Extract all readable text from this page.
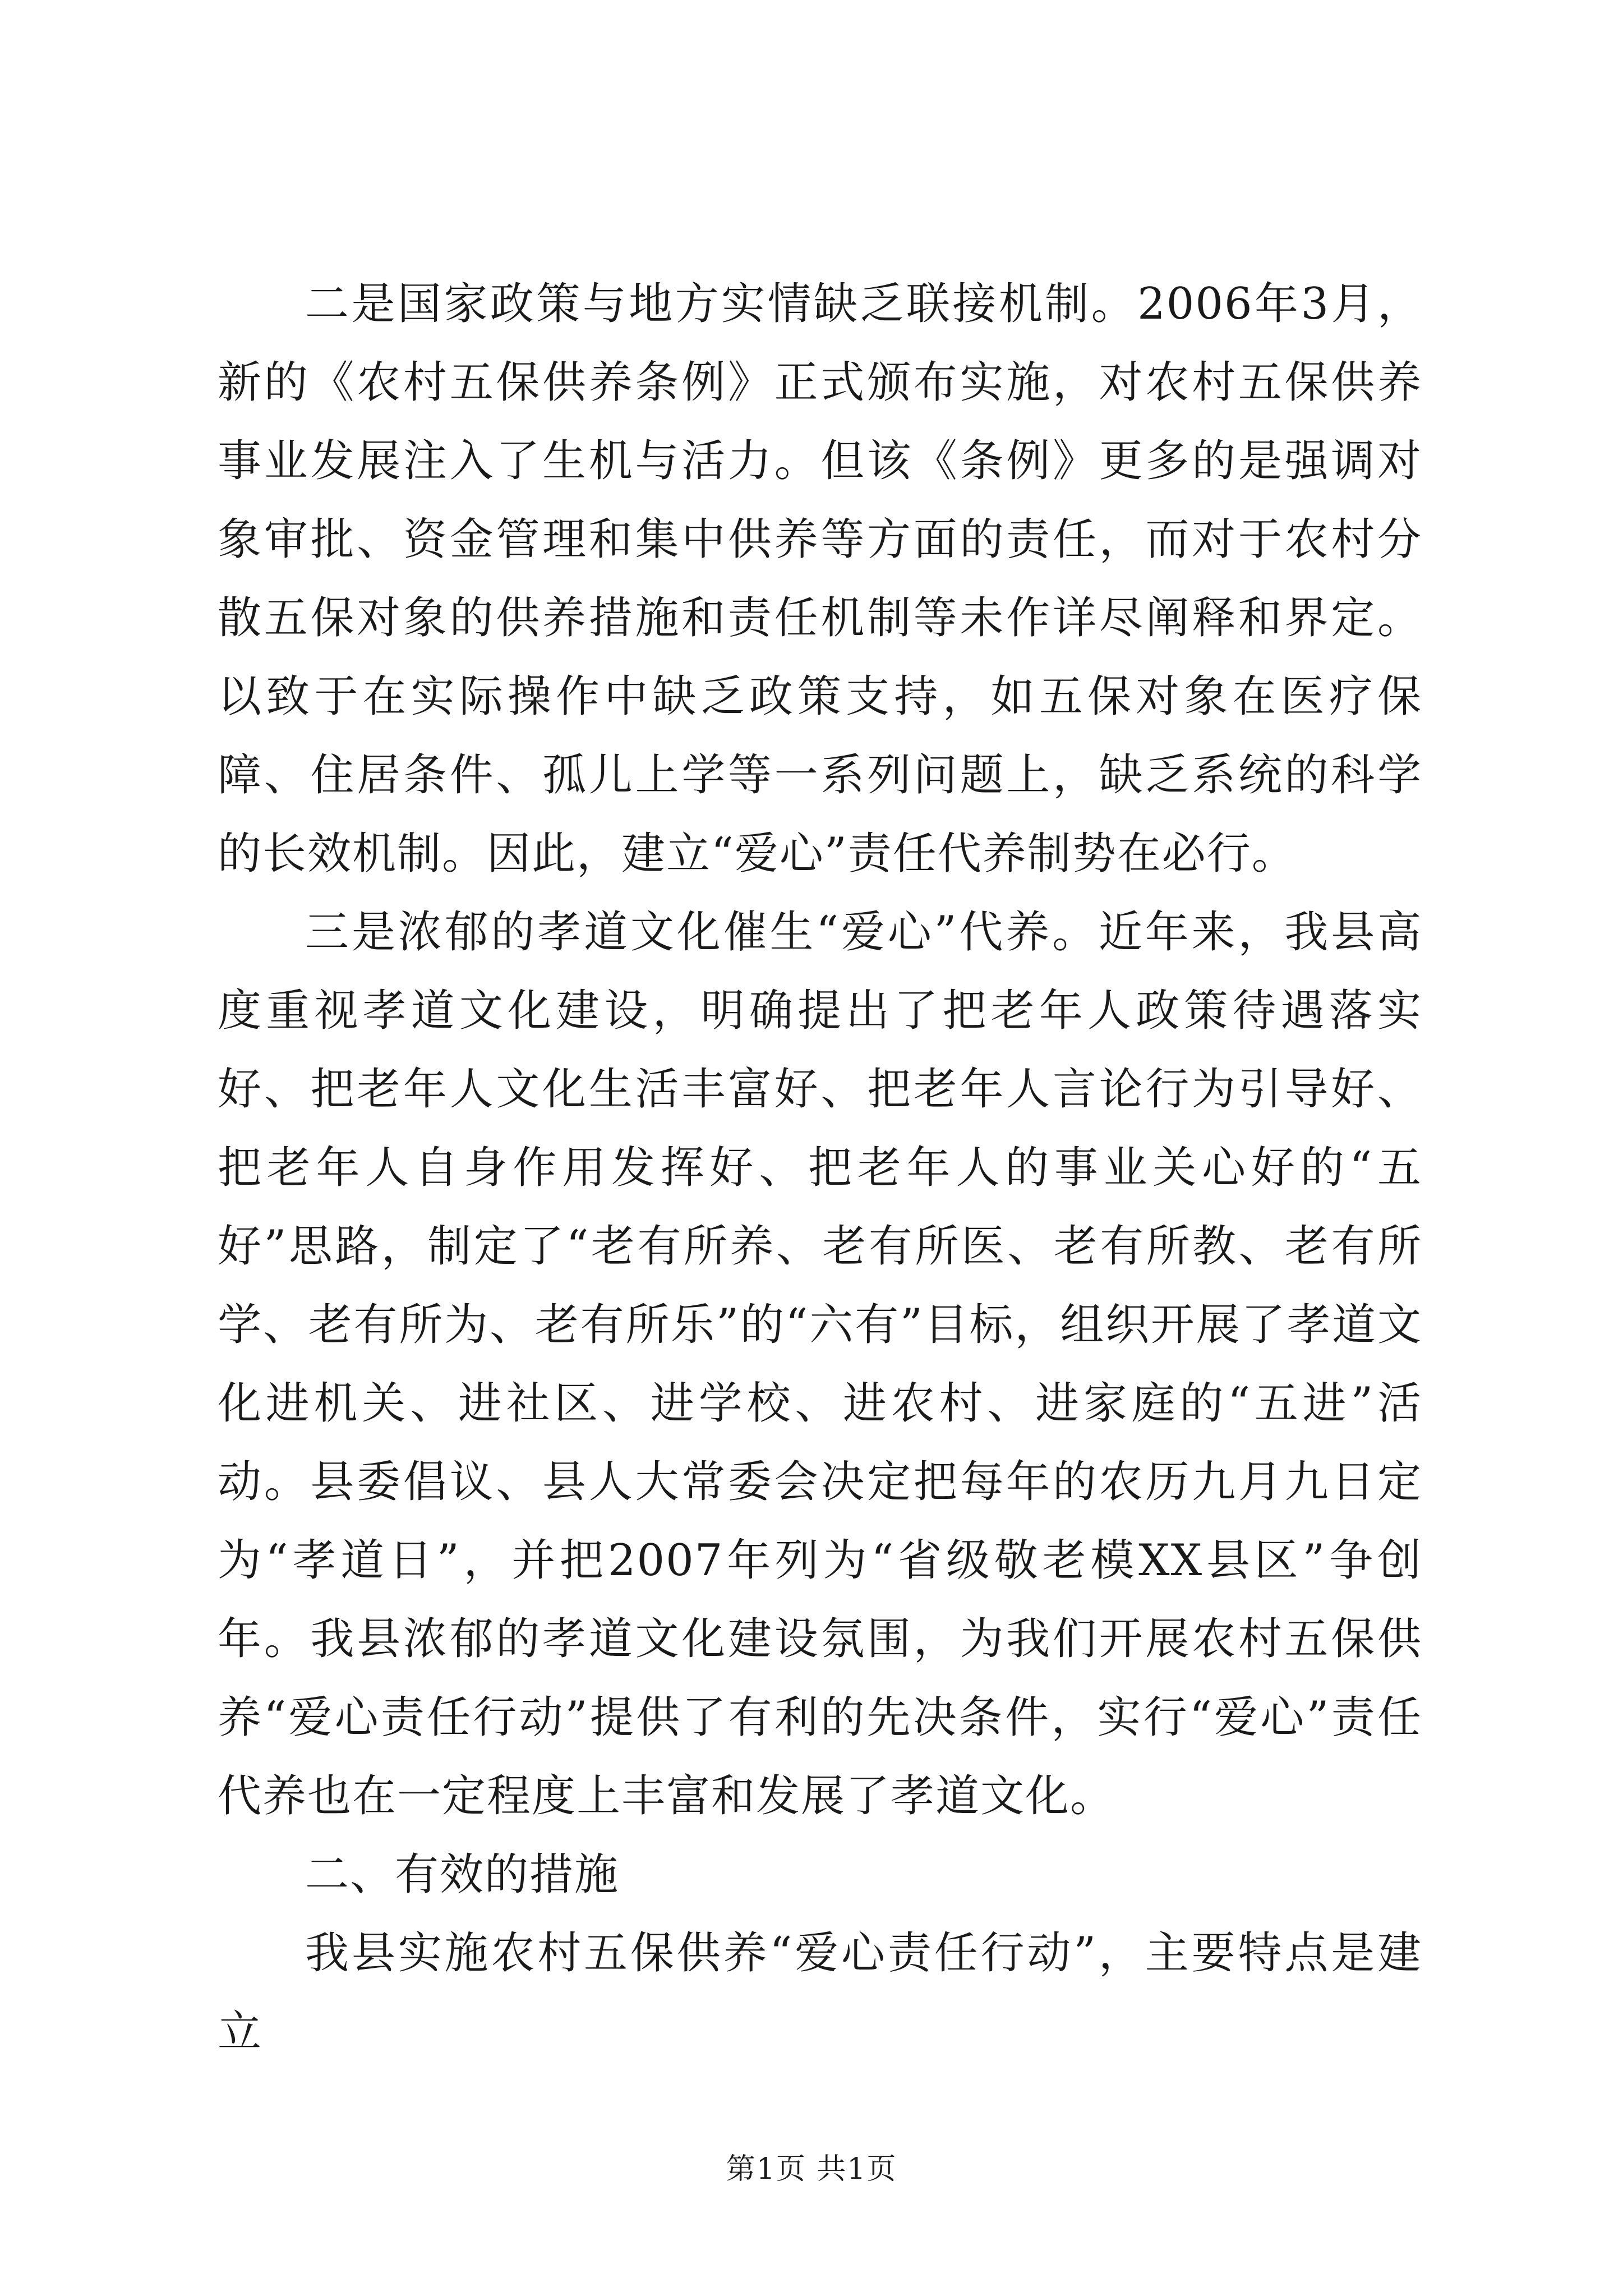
二是国家政策与地方实情缺乏联接机制。2006年3月，新的《农村五保供养条例》正式颁布实施，对农村五保供养事业发展注入了生机与活力。但该《条例》更多的是强调对象审批、资金管理和集中供养等方面的责任，而对于农村分散五保对象的供养措施和责任机制等未作详尽阐释和界定。以致于在实际操作中缺乏政策支持，如五保对象在医疗保障、住居条件、孤儿上学等一系列问题上，缺乏系统的科学的长效机制。因此，建立“爱心”责任代养制势在必行。

三是浓郁的孝道文化催生“爱心”代养。近年来，我县高度重视孝道文化建设，明确提出了把老年人政策待遇落实好、把老年人文化生活丰富好、把老年人言论行为引导好、把老年人自身作用发挥好、把老年人的事业关心好的“五好”思路，制定了“老有所养、老有所医、老有所教、老有所学、老有所为、老有所乐”的“六有”目标，组织开展了孝道文化进机关、进社区、进学校、进农村、进家庭的“五进”活动。县委倡议、县人大常委会决定把每年的农历九月九日定为“孝道日”，并把2007年列为“省级敬老模XX县区”争创年。我县浓郁的孝道文化建设氛围，为我们开展农村五保供养“爱心责任行动”提供了有利的先决条件，实行“爱心”责任代养也在一定程度上丰富和发展了孝道文化。

二、有效的措施

我县实施农村五保供养“爱心责任行动”，主要特点是建立

第1页 共1页
